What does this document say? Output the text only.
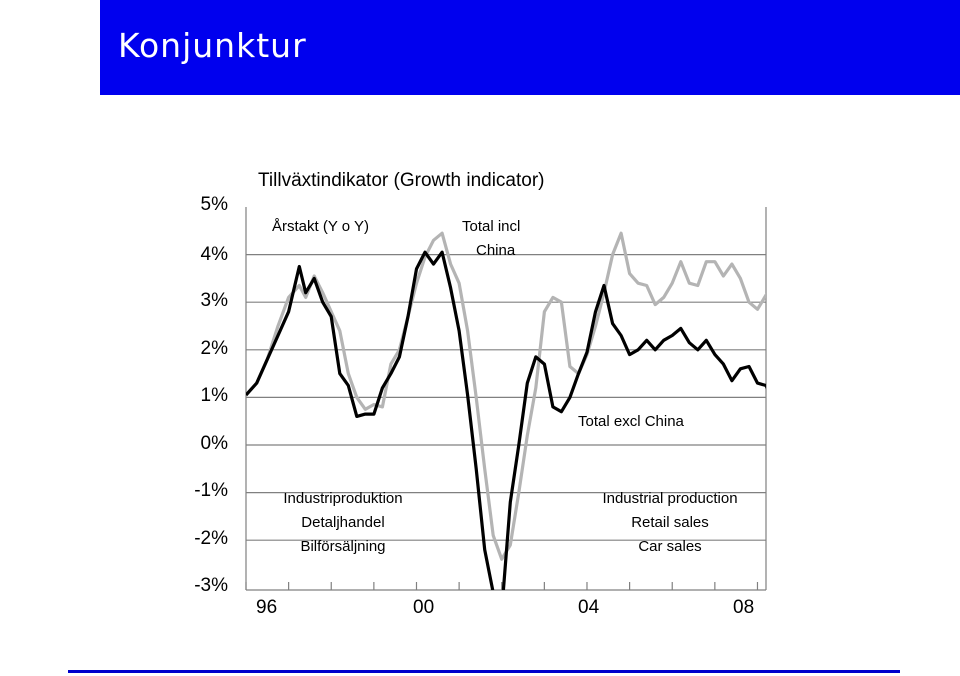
Konjunktur
Tillväxtindikator (Growth indicator)
5%
4%
3%
2%
1%
0%
-1%
-2%
-3%
96	00	04	08
Årstakt (Y o Y)	Total incl
China
Total excl China
Industriproduktion
Detaljhandel
Bilförsäljning
Industrial production
Retail sales
Car sales
